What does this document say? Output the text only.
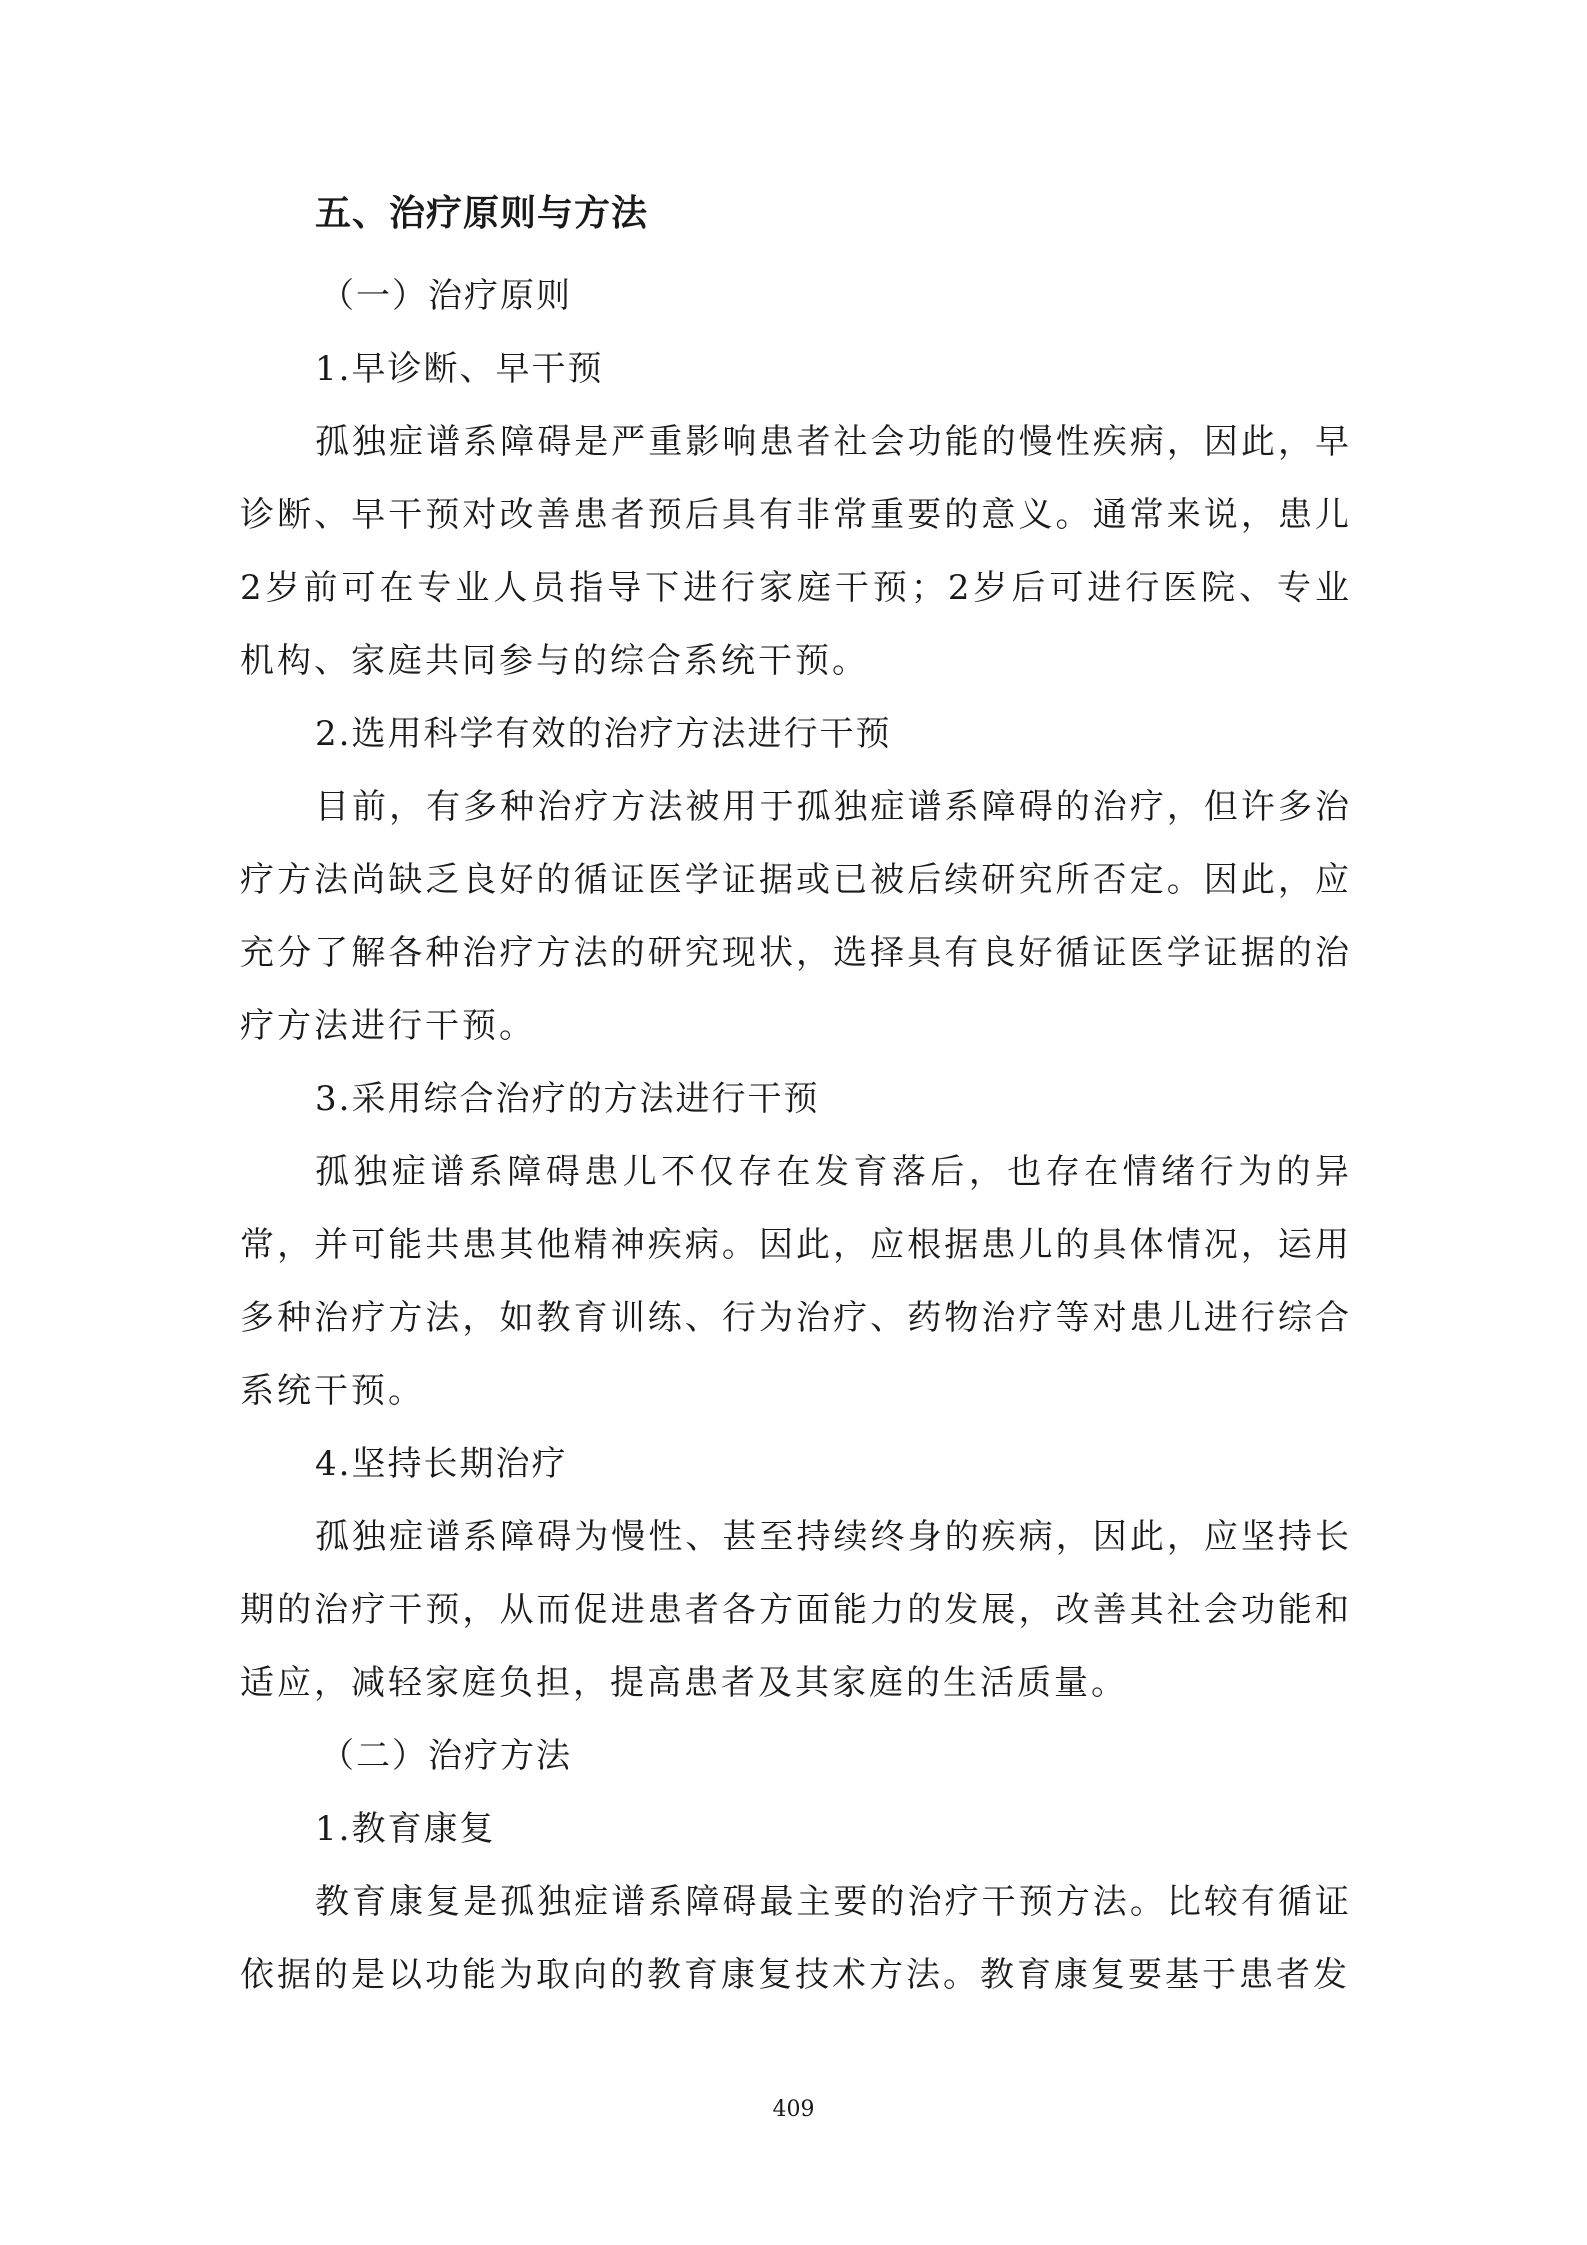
五、治疗原则与方法
（一）治疗原则
1.早诊断、早干预

孤独症谱系障碍是严重影响患者社会功能的慢性疾病，因此，早诊断、早干预对改善患者预后具有非常重要的意义。通常来说，患儿2岁前可在专业人员指导下进行家庭干预；2岁后可进行医院、专业机构、家庭共同参与的综合系统干预。

2.选用科学有效的治疗方法进行干预

目前，有多种治疗方法被用于孤独症谱系障碍的治疗，但许多治疗方法尚缺乏良好的循证医学证据或已被后续研究所否定。因此，应充分了解各种治疗方法的研究现状，选择具有良好循证医学证据的治疗方法进行干预。

3.采用综合治疗的方法进行干预

孤独症谱系障碍患儿不仅存在发育落后，也存在情绪行为的异常，并可能共患其他精神疾病。因此，应根据患儿的具体情况，运用多种治疗方法，如教育训练、行为治疗、药物治疗等对患儿进行综合系统干预。

4.坚持长期治疗

孤独症谱系障碍为慢性、甚至持续终身的疾病，因此，应坚持长期的治疗干预，从而促进患者各方面能力的发展，改善其社会功能和适应，减轻家庭负担，提高患者及其家庭的生活质量。

（二）治疗方法
1.教育康复

教育康复是孤独症谱系障碍最主要的治疗干预方法。比较有循证依据的是以功能为取向的教育康复技术方法。教育康复要基于患者发

409
